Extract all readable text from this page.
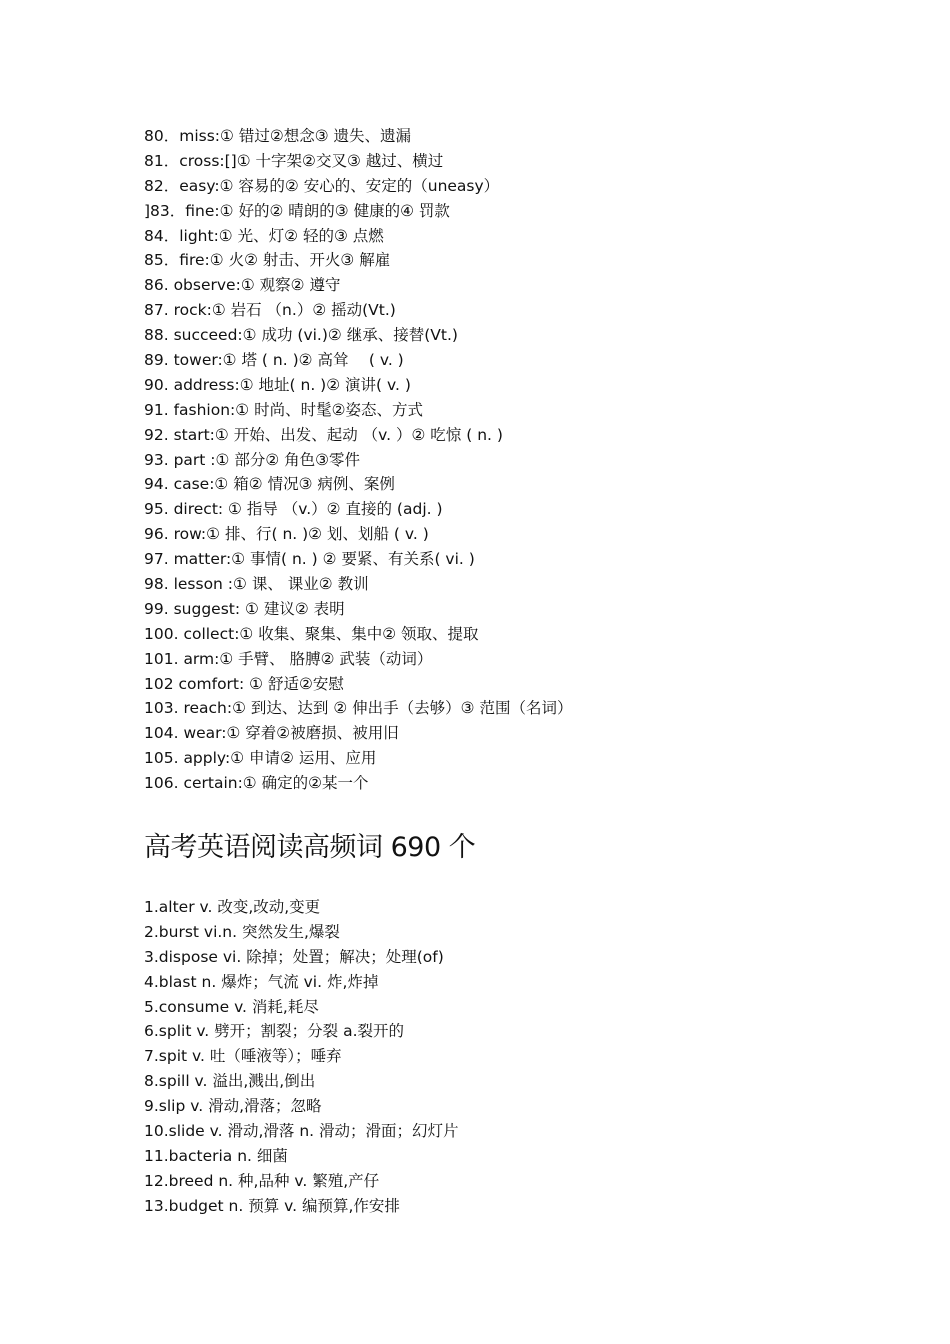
80．miss:① 错过②想念③ 遗失、遗漏
81．cross:[]① 十字架②交叉③ 越过、横过
82．easy:① 容易的② 安心的、安定的（uneasy）
]83．fine:① 好的② 晴朗的③ 健康的④ 罚款
84．light:① 光、灯② 轻的③ 点燃
85．fire:① 火② 射击、开火③ 解雇
86. observe:① 观察② 遵守
87. rock:① 岩石 （n.）② 摇动(Vt.)
88. succeed:① 成功 (vi.)② 继承、接替(Vt.)
89. tower:① 塔 ( n. )② 高耸　 ( v. )
90. address:① 地址( n. )② 演讲( v. )
91. fashion:① 时尚、时髦②姿态、方式
92. start:① 开始、出发、起动 （v. ）② 吃惊 ( n. )
93. part :① 部分② 角色③零件
94. case:① 箱② 情况③ 病例、案例
95. direct: ① 指导 （v.）② 直接的 (adj. )
96. row:① 排、行( n. )② 划、划船 ( v. )
97. matter:① 事情( n. ) ② 要紧、有关系( vi. )
98. lesson :① 课、 课业② 教训
99. suggest: ① 建议② 表明
100. collect:① 收集、聚集、集中② 领取、提取
101. arm:① 手臂、 胳膊② 武装（动词）
102 comfort: ① 舒适②安慰
103. reach:① 到达、达到 ② 伸出手（去够）③ 范围（名词）
104. wear:① 穿着②被磨损、被用旧
105. apply:① 申请② 运用、应用
106. certain:① 确定的②某一个
高考英语阅读高频词 690 个
1.alter v. 改变,改动,变更
2.burst vi.n. 突然发生,爆裂
3.dispose vi. 除掉；处置；解决；处理(of)
4.blast n. 爆炸；气流 vi. 炸,炸掉
5.consume v. 消耗,耗尽
6.split v. 劈开；割裂；分裂 a.裂开的
7.spit v. 吐（唾液等）；唾弃
8.spill v. 溢出,溅出,倒出
9.slip v. 滑动,滑落；忽略
10.slide v. 滑动,滑落 n. 滑动；滑面；幻灯片
11.bacteria n. 细菌
12.breed n. 种,品种 v. 繁殖,产仔
13.budget n. 预算 v. 编预算,作安排
